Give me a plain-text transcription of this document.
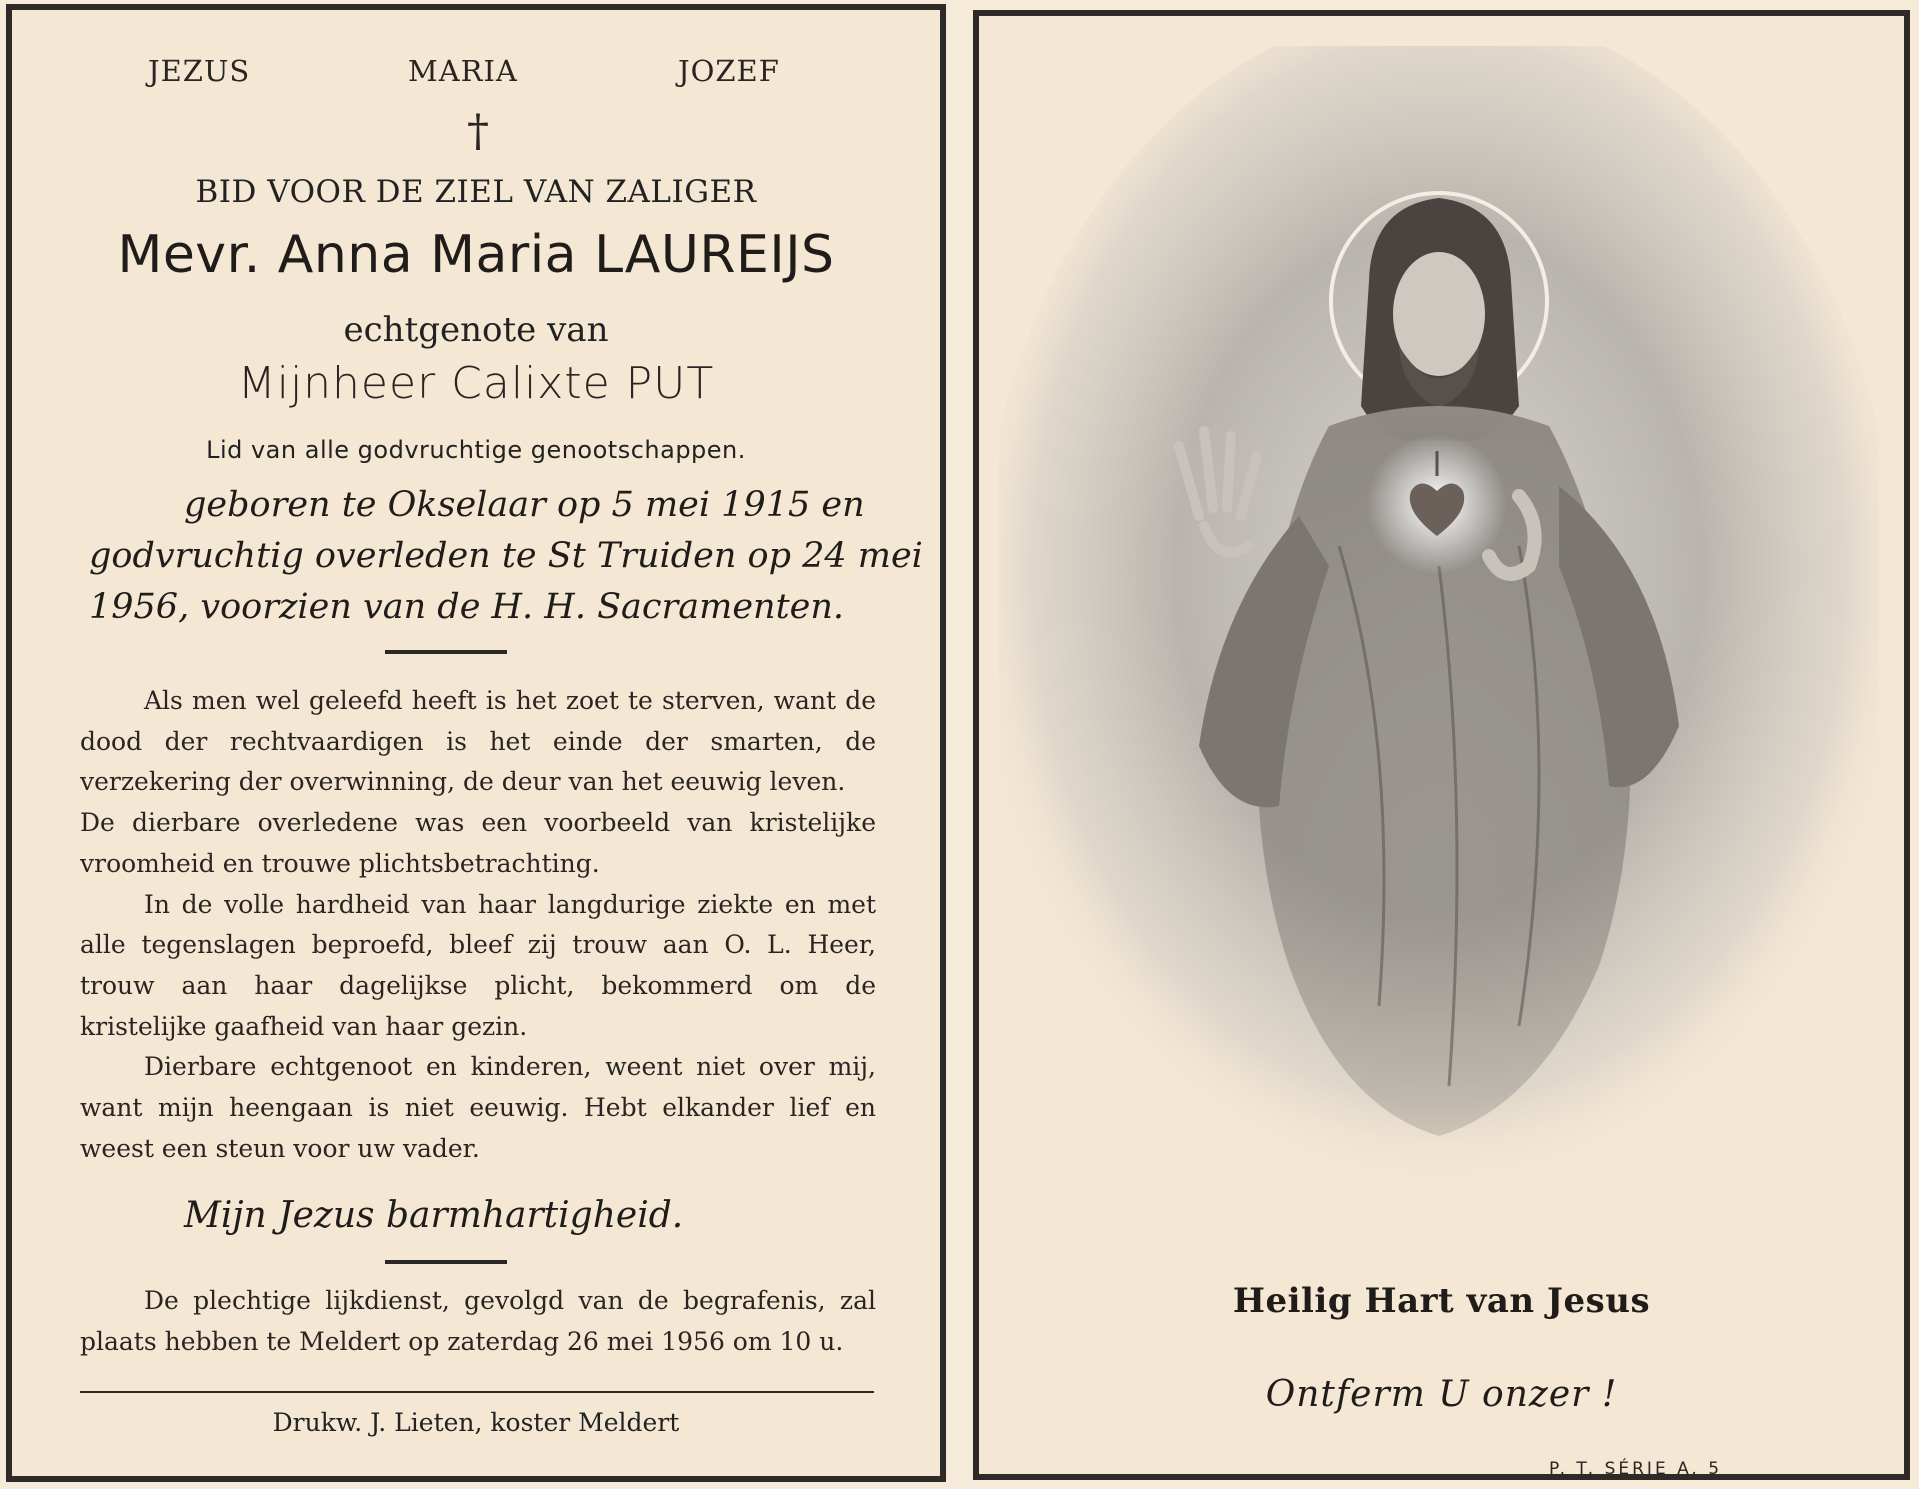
JEZUS	MARIA	JOZEF
†
BID VOOR DE ZIEL VAN ZALIGER
Mevr. Anna Maria LAUREIJS
echtgenote van
Mijnheer Calixte PUT
Lid van alle godvruchtige genootschappen.
geboren te Okselaar op 5 mei 1915 en
godvruchtig overleden te St Truiden op 24 mei
1956, voorzien van de H. H. Sacramenten.

Als men wel geleefd heeft is het zoet te sterven, want de dood der rechtvaardigen is het einde der smarten, de verzekering der overwinning, de deur van het eeuwig leven.

De dierbare overledene was een voorbeeld van kristelijke vroomheid en trouwe plichtsbetrachting.

In de volle hardheid van haar langdurige ziekte en met alle tegenslagen beproefd, bleef zij trouw aan O. L. Heer, trouw aan haar dagelijkse plicht, bekommerd om de kristelijke gaafheid van haar gezin.

Dierbare echtgenoot en kinderen, weent niet over mij, want mijn heengaan is niet eeuwig. Hebt elkander lief en weest een steun voor uw vader.

Mijn Jezus barmhartigheid.

De plechtige lijkdienst, gevolgd van de begrafenis, zal plaats hebben te Meldert op zaterdag 26 mei 1956 om 10 u.

Drukw. J. Lieten, koster Meldert
Heilig Hart van Jesus
Ontferm U onzer !
P. T. SÉRIE A. 5
